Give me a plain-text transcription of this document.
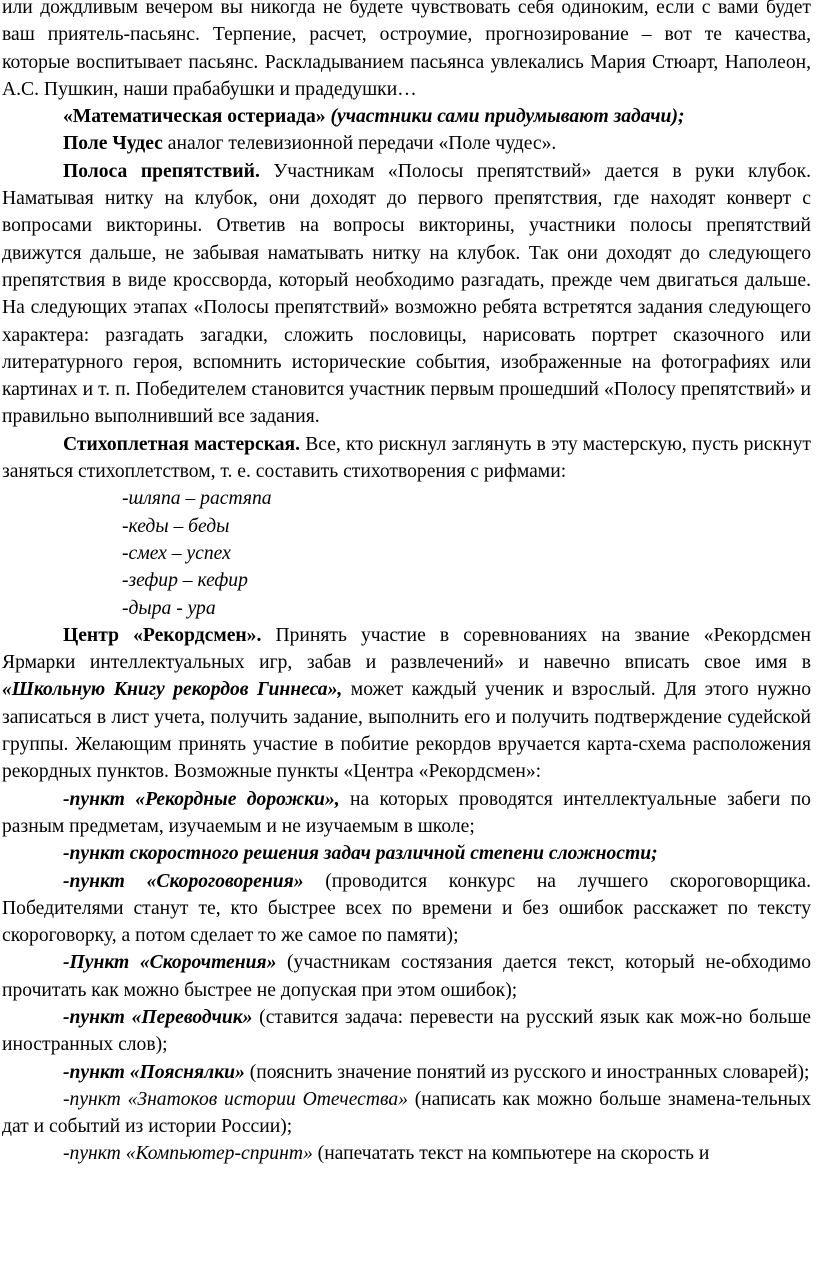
или дождливым вечером вы никогда не будете чувствовать себя одиноким, если с вами будет ваш приятель-пасьянс. Терпение, расчет, остроумие, прогнозирование – вот те качества, которые воспитывает пасьянс. Раскладыванием пасьянса увлекались Мария Стюарт, Наполеон, А.С. Пушкин, наши прабабушки и прадедушки…

«Математическая остериада» (участники сами придумывают задачи);

Поле Чудес аналог телевизионной передачи «Поле чудес».

Полоса препятствий. Участникам «Полосы препятствий» дается в руки клубок. Наматывая нитку на клубок, они доходят до первого препятствия, где находят конверт с вопросами викторины. Ответив на вопросы викторины, участники полосы препятствий движутся дальше, не забывая наматывать нитку на клубок. Так они доходят до следующего препятствия в виде кроссворда, который необходимо разгадать, прежде чем двигаться дальше. На следующих этапах «Полосы препятствий» возможно ребята встретятся задания следующего характера: разгадать загадки, сложить пословицы, нарисовать портрет сказочного или литературного героя, вспомнить исторические события, изображенные на фотографиях или картинах и т. п. Победителем становится участник первым прошедший «Полосу препятствий» и правильно выполнивший все задания.

Стихоплетная мастерская. Все, кто рискнул заглянуть в эту мастерскую, пусть рискнут заняться стихоплетством, т. е. составить стихотворения с рифмами:

-шляпа – растяпа

-кеды – беды

-смех – успех

-зефир – кефир

-дыра - ура

Центр «Рекордсмен». Принять участие в соревнованиях на звание «Рекордсмен Ярмарки интеллектуальных игр, забав и развлечений» и навечно вписать свое имя в «Школьную Книгу рекордов Гиннеса», может каждый ученик и взрослый. Для этого нужно записаться в лист учета, получить задание, выполнить его и получить подтверждение судейской группы. Желающим принять участие в побитие рекордов вручается карта-схема расположения рекордных пунктов. Возможные пункты «Центра «Рекордсмен»:

-пункт «Рекордные дорожки», на которых проводятся интеллектуальные забеги по разным предметам, изучаемым и не изучаемым в школе;

-пункт скоростного решения задач различной степени сложности;

-пункт «Скороговорения» (проводится конкурс на лучшего скороговорщика. Победителями станут те, кто быстрее всех по времени и без ошибок расскажет по тексту скороговорку, а потом сделает то же самое по памяти);

-Пункт «Скорочтения» (участникам состязания дается текст, который не-обходимо прочитать как можно быстрее не допуская при этом ошибок);

-пункт «Переводчик» (ставится задача: перевести на русский язык как мож-но больше иностранных слов);

-пункт «Пояснялки» (пояснить значение понятий из русского и иностранных словарей);

-пункт «Знатоков истории Отечества» (написать как можно больше знамена-тельных дат и событий из истории России);

-пункт «Компьютер-спринт» (напечатать текст на компьютере на скорость и
